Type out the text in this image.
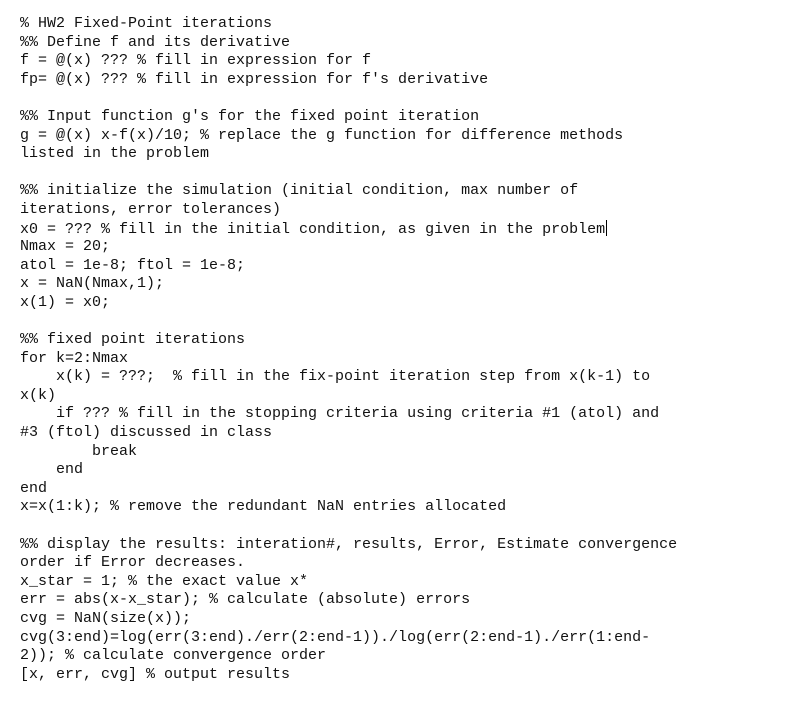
% HW2 Fixed-Point iterations
%% Define f and its derivative
f = @(x) ??? % fill in expression for f
fp= @(x) ??? % fill in expression for f's derivative
%% Input function g's for the fixed point iteration
g = @(x) x-f(x)/10; % replace the g function for difference methods
listed in the problem
%% initialize the simulation (initial condition, max number of
iterations, error tolerances)
x0 = ??? % fill in the initial condition, as given in the problem
Nmax = 20;
atol = 1e-8; ftol = 1e-8;
x = NaN(Nmax,1);
x(1) = x0;
%% fixed point iterations
for k=2:Nmax
x(k) = ???;  % fill in the fix-point iteration step from x(k-1) to
x(k)
if ??? % fill in the stopping criteria using criteria #1 (atol) and
#3 (ftol) discussed in class
break
end
end
x=x(1:k); % remove the redundant NaN entries allocated
%% display the results: interation#, results, Error, Estimate convergence
order if Error decreases.
x_star = 1; % the exact value x*
err = abs(x-x_star); % calculate (absolute) errors
cvg = NaN(size(x));
cvg(3:end)=log(err(3:end)./err(2:end-1))./log(err(2:end-1)./err(1:end-
2)); % calculate convergence order
[x, err, cvg] % output results
